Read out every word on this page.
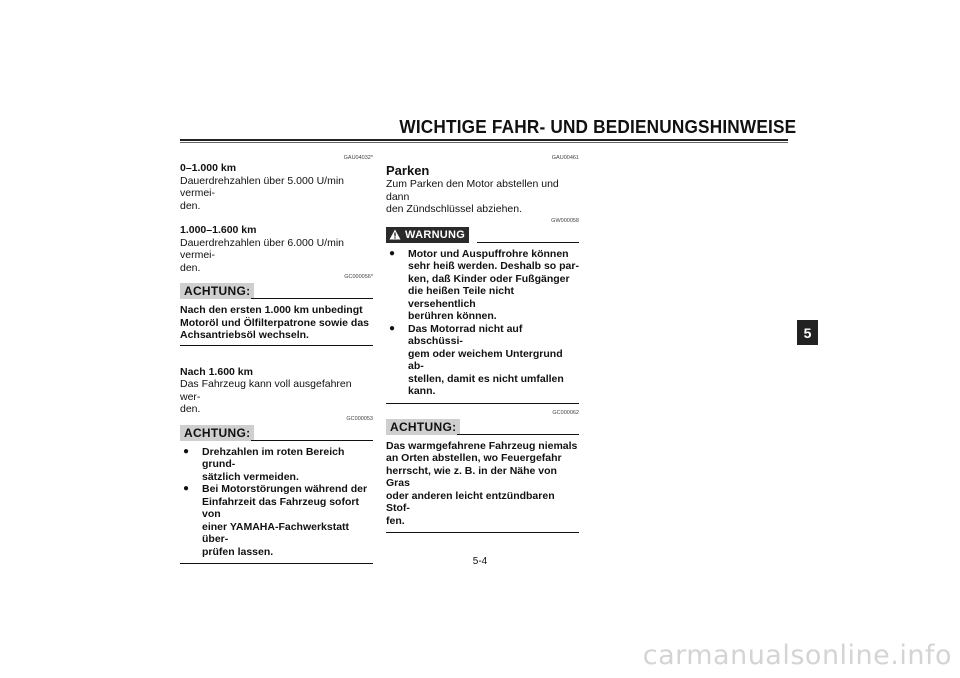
WICHTIGE FAHR- UND BEDIENUNGSHINWEISE
5
GAU04032*
0–1.000 km
Dauerdrehzahlen über 5.000 U/min vermei-
den.
1.000–1.600 km
Dauerdrehzahlen über 6.000 U/min vermei-
den.
GC000056*
ACHTUNG:
Nach den ersten 1.000 km unbedingt
Motoröl und Ölfilterpatrone sowie das
Achsantriebsöl wechseln.
Nach 1.600 km
Das Fahrzeug kann voll ausgefahren wer-
den.
GC000053
ACHTUNG:
● Drehzahlen im roten Bereich grund-
sätzlich vermeiden.
● Bei Motorstörungen während der
Einfahrzeit das Fahrzeug sofort von
einer YAMAHA-Fachwerkstatt über-
prüfen lassen.
GAU00461
Parken
Zum Parken den Motor abstellen und dann
den Zündschlüssel abziehen.
GW000058
WARNUNG
● Motor und Auspuffrohre können
sehr heiß werden. Deshalb so par-
ken, daß Kinder oder Fußgänger
die heißen Teile nicht versehentlich
berühren können.
● Das Motorrad nicht auf abschüssi-
gem oder weichem Untergrund ab-
stellen, damit es nicht umfallen
kann.
GC000062
ACHTUNG:
Das warmgefahrene Fahrzeug niemals
an Orten abstellen, wo Feuergefahr
herrscht, wie z. B. in der Nähe von Gras
oder anderen leicht entzündbaren Stof-
fen.
5-4
carmanualsonline.info
